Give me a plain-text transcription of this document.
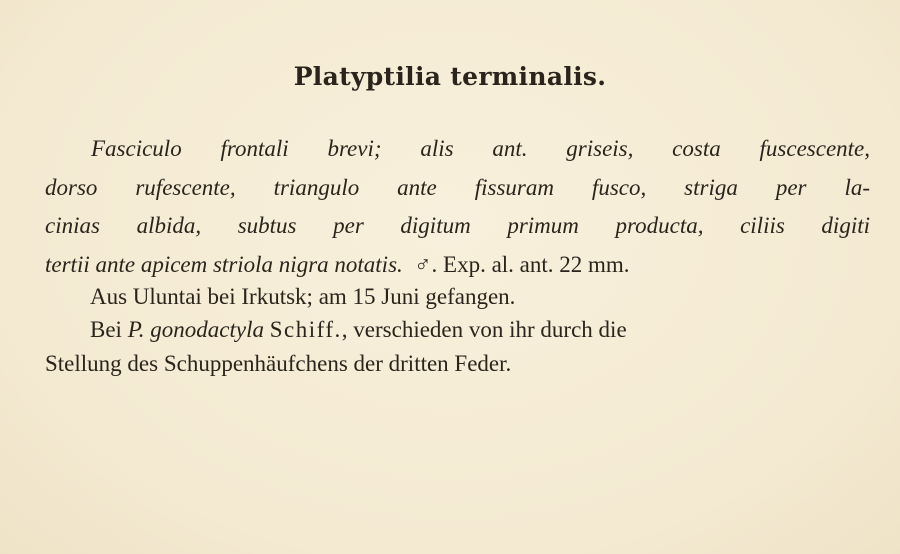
Platyptilia terminalis.
Fasciculo frontali brevi; alis ant. griseis, costa fuscescente,
dorso rufescente, triangulo ante fissuram fusco, striga per la-
cinias albida, subtus per digitum primum producta, ciliis digiti
tertii ante apicem striola nigra notatis. ♂. Exp. al. ant. 22 mm.
Aus Uluntai bei Irkutsk; am 15 Juni gefangen.
Bei P. gonodactyla Schiff., verschieden von ihr durch die
Stellung des Schuppenhäufchens der dritten Feder.
